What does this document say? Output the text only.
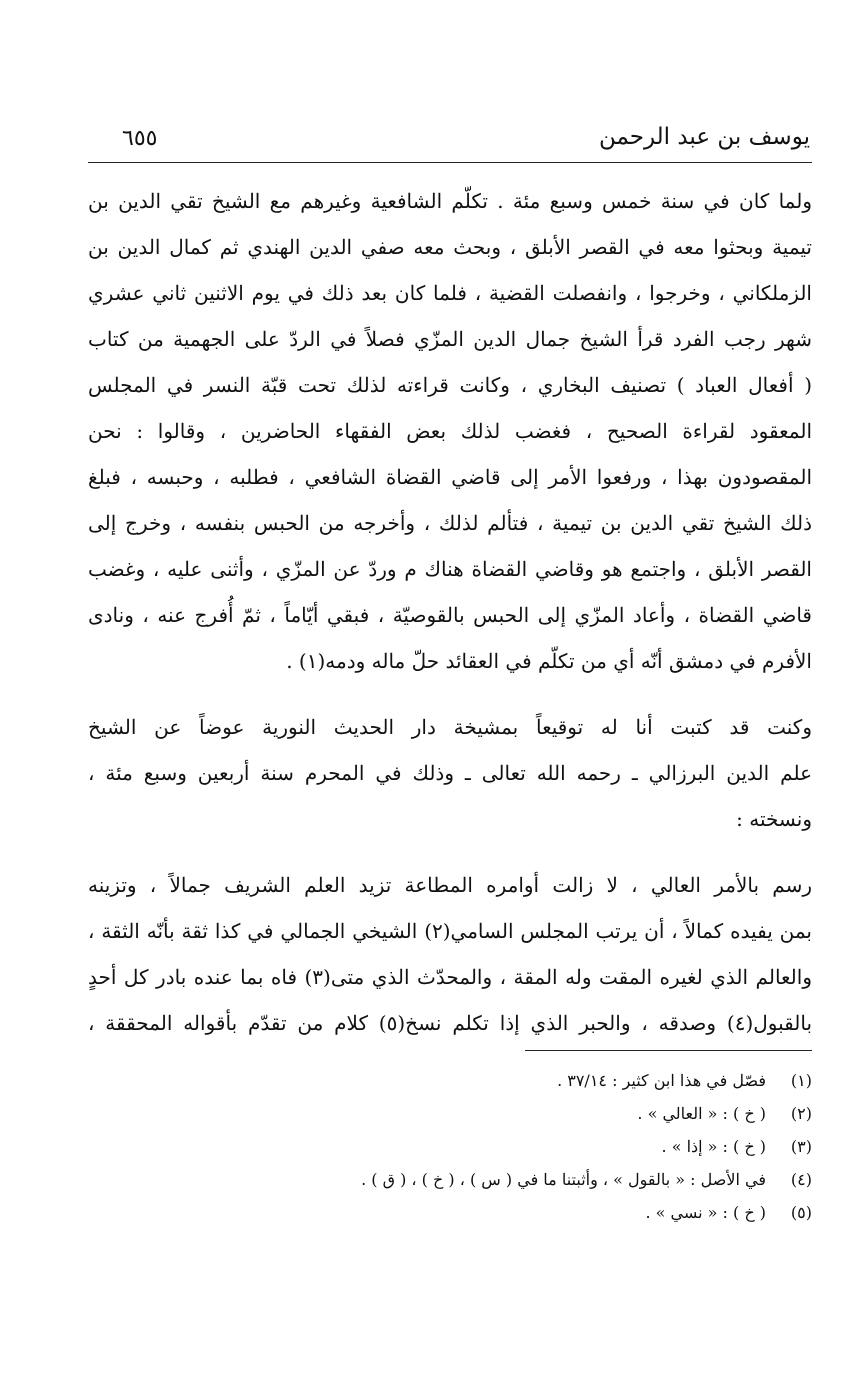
يوسف بن عبد الرحمن
٦٥٥
ولما كان في سنة خمس وسبع مئة . تكلّم الشافعية وغيرهم مع الشيخ تقي الدين بن
تيمية وبحثوا معه في القصر الأبلق ، وبحث معه صفي الدين الهندي ثم كمال الدين بن
الزملكاني ، وخرجوا ، وانفصلت القضية ، فلما كان بعد ذلك في يوم الاثنين ثاني عشري
شهر رجب الفرد قرأ الشيخ جمال الدين المزّي فصلاً في الردّ على الجهمية من كتاب
( أفعال العباد ) تصنيف البخاري ، وكانت قراءته لذلك تحت قبّة النسر في المجلس
المعقود لقراءة الصحيح ، فغضب لذلك بعض الفقهاء الحاضرين ، وقالوا : نحن
المقصودون بهذا ، ورفعوا الأمر إلى قاضي القضاة الشافعي ، فطلبه ، وحبسه ، فبلغ
ذلك الشيخ تقي الدين بن تيمية ، فتألم لذلك ، وأخرجه من الحبس بنفسه ، وخرج إلى
القصر الأبلق ، واجتمع هو وقاضي القضاة هناك م وردّ عن المزّي ، وأثنى عليه ، وغضب
قاضي القضاة ، وأعاد المزّي إلى الحبس بالقوصيّة ، فبقي أيّاماً ، ثمّ أُفرج عنه ، ونادى
الأفرم في دمشق أنّه أي من تكلّم في العقائد حلّ ماله ودمه(١) .
وكنت قد كتبت أنا له توقيعاً بمشيخة دار الحديث النورية عوضاً عن الشيخ
علم الدين البرزالي ـ رحمه الله تعالى ـ وذلك في المحرم سنة أربعين وسبع مئة ،
ونسخته :
رسم بالأمر العالي ، لا زالت أوامره المطاعة تزيد العلم الشريف جمالاً ، وتزينه
بمن يفيده كمالاً ، أن يرتب المجلس السامي(٢) الشيخي الجمالي في كذا ثقة بأنّه الثقة ،
والعالم الذي لغيره المقت وله المقة ، والمحدّث الذي متى(٣) فاه بما عنده بادر كل أحدٍ
بالقبول(٤) وصدقه ، والحبر الذي إذا تكلم نسخ(٥) كلام من تقدّم بأقواله المحققة ،
(١)
فصّل في هذا ابن كثير : ٣٧/١٤ .
(٢)
( خ ) : « العالي » .
(٣)
( خ ) : « إذا » .
(٤)
في الأصل : « بالقول » ، وأثبتنا ما في ( س ) ، ( خ ) ، ( ق ) .
(٥)
( خ ) : « نسي » .
